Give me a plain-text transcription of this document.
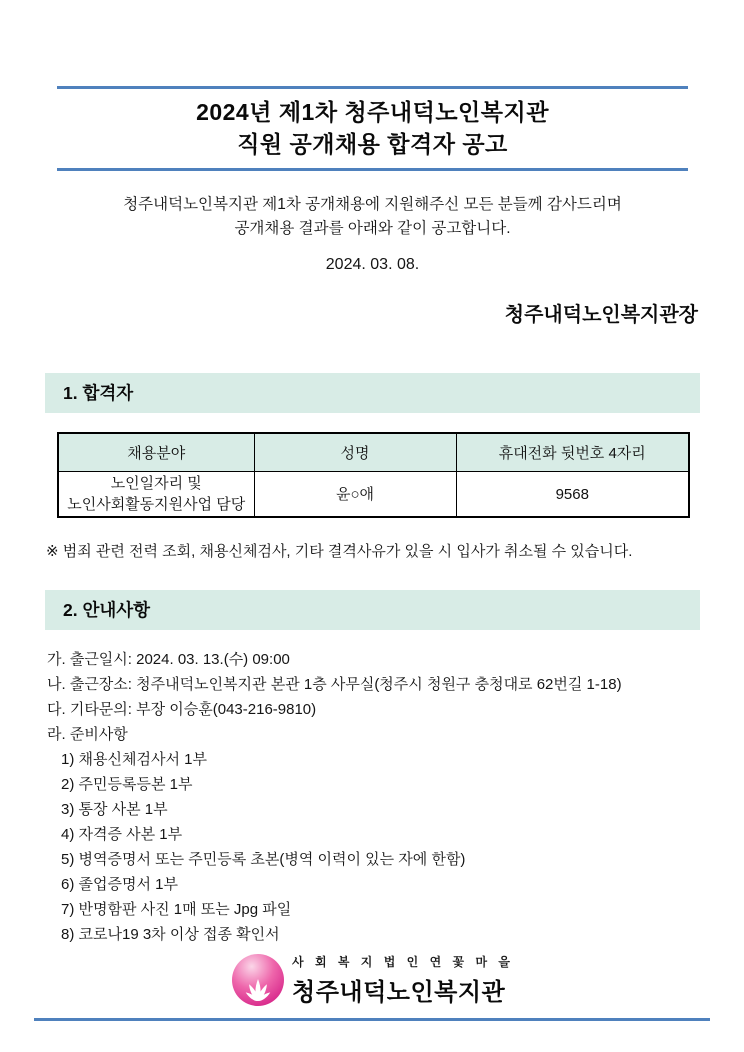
2024년 제1차 청주내덕노인복지관
직원 공개채용 합격자 공고

청주내덕노인복지관 제1차 공개채용에 지원해주신 모든 분들께 감사드리며
공개채용 결과를 아래와 같이 공고합니다.

2024. 03. 08.

청주내덕노인복지관장

1. 합격자
채용분야	성명	휴대전화 뒷번호 4자리
노인일자리 및
노인사회활동지원사업 담당	윤○애	9568

※ 범죄 관련 전력 조회, 채용신체검사, 기타 결격사유가 있을 시 입사가 취소될 수 있습니다.

2. 안내사항
가. 출근일시: 2024. 03. 13.(수) 09:00
나. 출근장소: 청주내덕노인복지관 본관 1층 사무실(청주시 청원구 충청대로 62번길 1-18)
다. 기타문의: 부장 이승훈(043-216-9810)
라. 준비사항
1) 채용신체검사서 1부
2) 주민등록등본 1부
3) 통장 사본 1부
4) 자격증 사본 1부
5) 병역증명서 또는 주민등록 초본(병역 이력이 있는 자에 한함)
6) 졸업증명서 1부
7) 반명함판 사진 1매 또는 Jpg 파일
8) 코로나19 3차 이상 접종 확인서
사 회 복 지 법 인 연 꽃 마 을
청주내덕노인복지관
